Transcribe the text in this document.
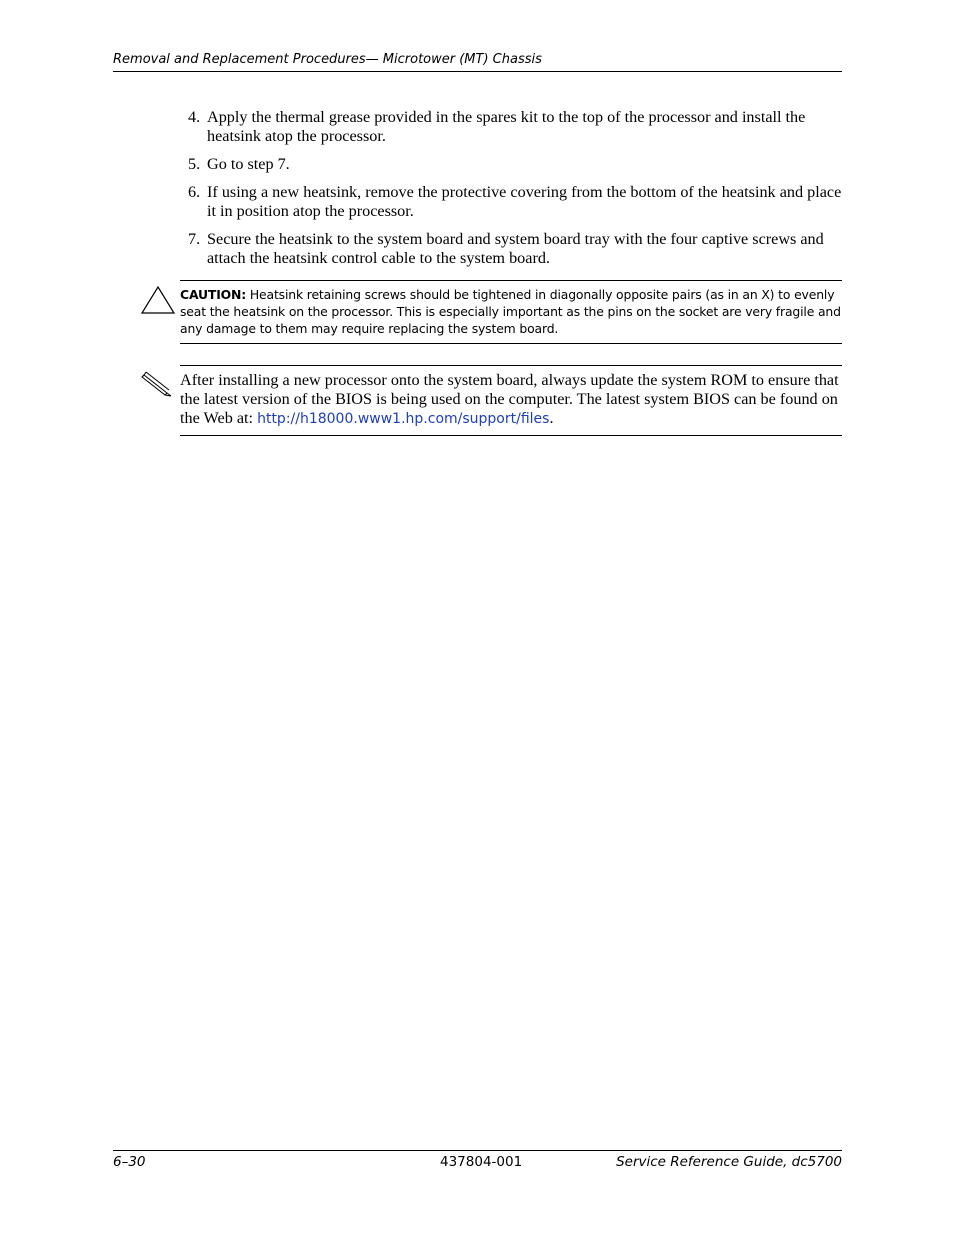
Removal and Replacement Procedures— Microtower (MT) Chassis
4. Apply the thermal grease provided in the spares kit to the top of the processor and install the heatsink atop the processor.
5. Go to step 7.
6. If using a new heatsink, remove the protective covering from the bottom of the heatsink and place it in position atop the processor.
7. Secure the heatsink to the system board and system board tray with the four captive screws and attach the heatsink control cable to the system board.
CAUTION: Heatsink retaining screws should be tightened in diagonally opposite pairs (as in an X) to evenly seat the heatsink on the processor. This is especially important as the pins on the socket are very fragile and any damage to them may require replacing the system board.
After installing a new processor onto the system board, always update the system ROM to ensure that the latest version of the BIOS is being used on the computer. The latest system BIOS can be found on the Web at: http://h18000.www1.hp.com/support/files.
6–30	437804-001	Service Reference Guide, dc5700
